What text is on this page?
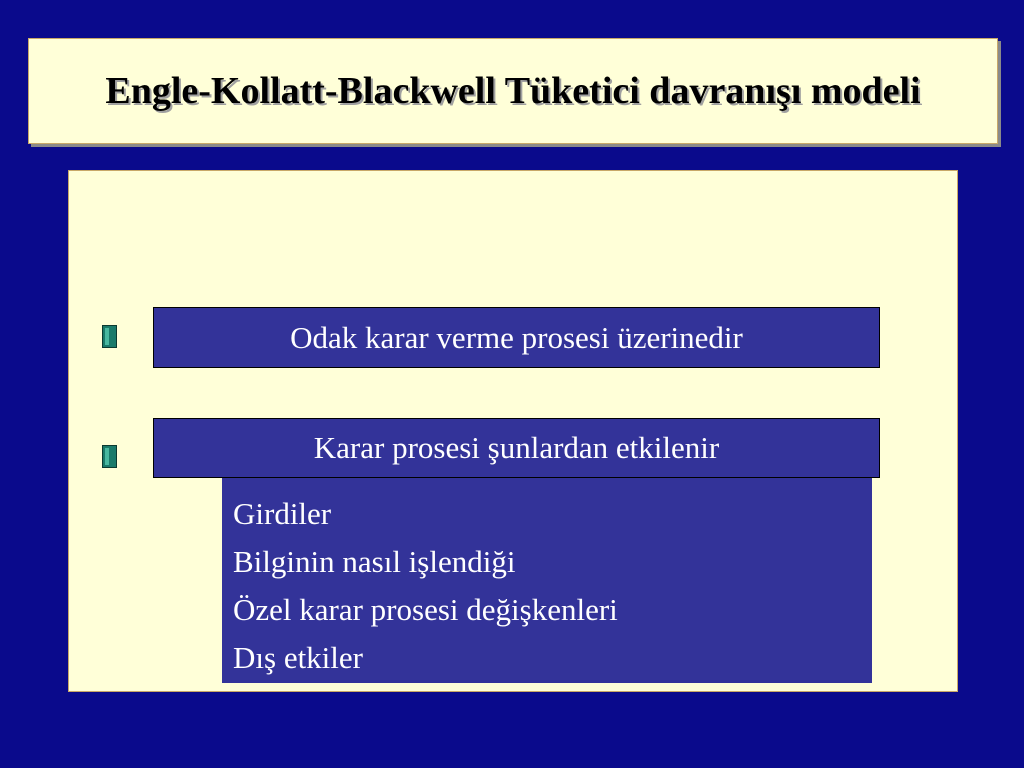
Engle-Kollatt-Blackwell Tüketici davranışı modeli
Odak karar verme prosesi üzerinedir
Karar prosesi şunlardan etkilenir
Girdiler
Bilginin nasıl işlendiği
Özel karar prosesi değişkenleri
Dış etkiler
